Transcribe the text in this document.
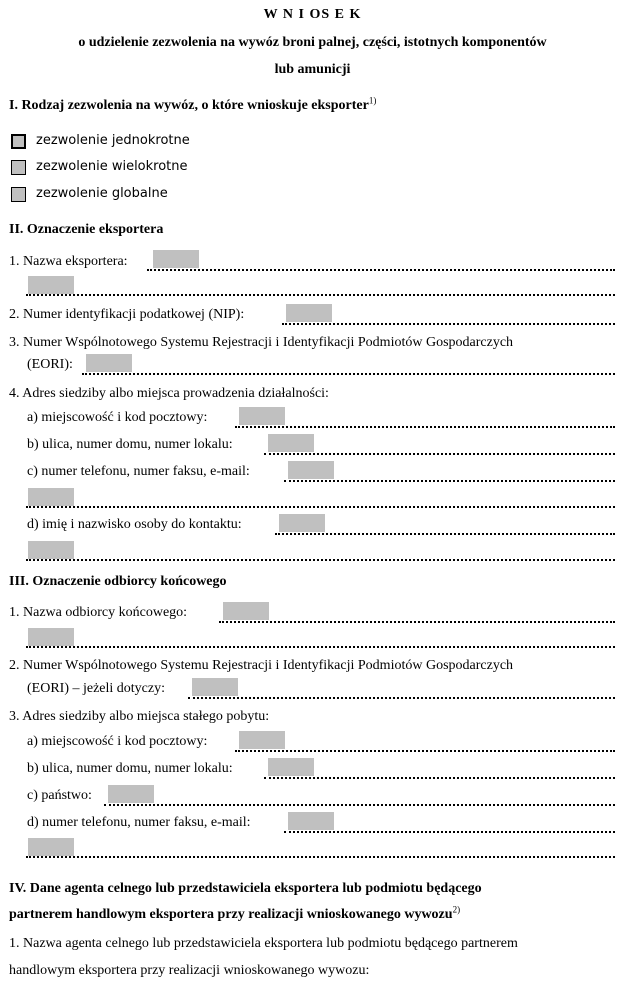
W N I OS E K
o udzielenie zezwolenia na wywóz broni palnej, części, istotnych komponentów
lub amunicji
I. Rodzaj zezwolenia na wywóz, o które wnioskuje eksporter$^{1)}$
zezwolenie jednokrotne
zezwolenie wielokrotne
zezwolenie globalne
II. Oznaczenie eksportera
1. Nazwa eksportera:
2. Numer identyfikacji podatkowej (NIP):
3. Numer Wspólnotowego Systemu Rejestracji i Identyfikacji Podmiotów Gospodarczych
(EORI):
4. Adres siedziby albo miejsca prowadzenia działalności:
a) miejscowość i kod pocztowy:
b) ulica, numer domu, numer lokalu:
c) numer telefonu, numer faksu, e-mail:
d) imię i nazwisko osoby do kontaktu:
III. Oznaczenie odbiorcy końcowego
1. Nazwa odbiorcy końcowego:
2. Numer Wspólnotowego Systemu Rejestracji i Identyfikacji Podmiotów Gospodarczych
(EORI) – jeżeli dotyczy:
3. Adres siedziby albo miejsca stałego pobytu:
a) miejscowość i kod pocztowy:
b) ulica, numer domu, numer lokalu:
c) państwo:
d) numer telefonu, numer faksu, e-mail:
IV. Dane agenta celnego lub przedstawiciela eksportera lub podmiotu będącego
partnerem handlowym eksportera przy realizacji wnioskowanego wywozu$^{2)}$
1. Nazwa agenta celnego lub przedstawiciela eksportera lub podmiotu będącego partnerem
handlowym eksportera przy realizacji wnioskowanego wywozu:
